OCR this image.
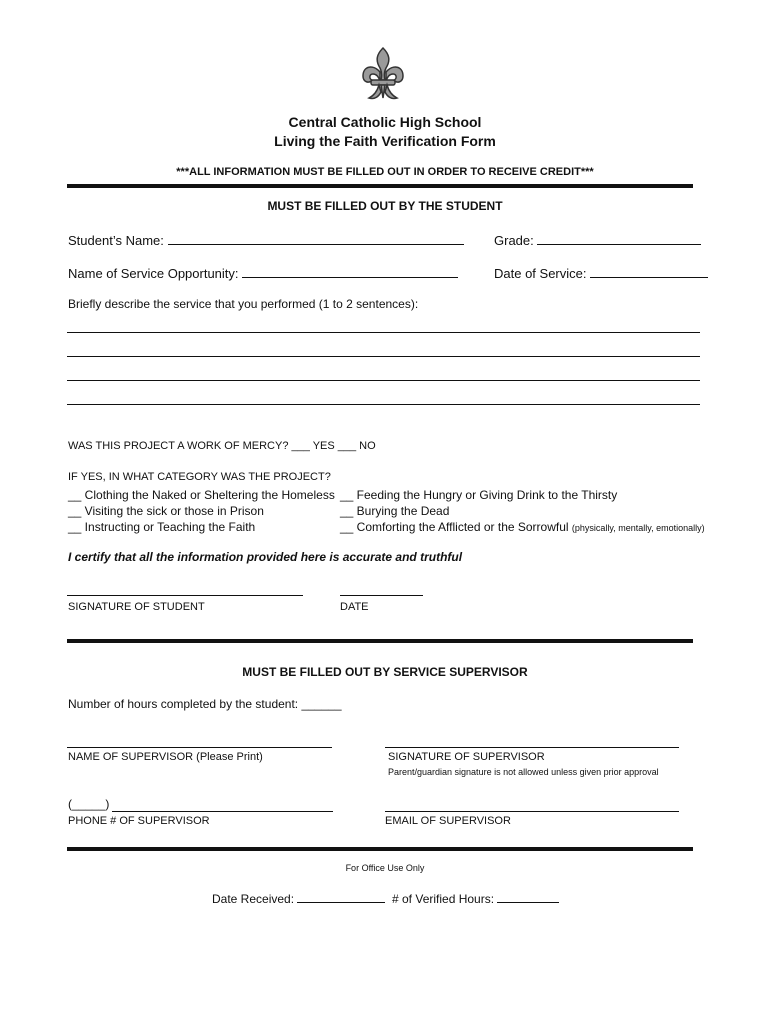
Central Catholic High School
Living the Faith Verification Form
***ALL INFORMATION MUST BE FILLED OUT IN ORDER TO RECEIVE CREDIT***
MUST BE FILLED OUT BY THE STUDENT
Student’s Name:	Grade:
Name of Service Opportunity:	Date of Service:
Briefly describe the service that you performed (1 to 2 sentences):
WAS THIS PROJECT A WORK OF MERCY? ___ YES ___ NO
IF YES, IN WHAT CATEGORY WAS THE PROJECT?
__ Clothing the Naked or Sheltering the Homeless
__ Visiting the sick or those in Prison
__ Instructing or Teaching the Faith
__ Feeding the Hungry or Giving Drink to the Thirsty
__ Burying the Dead
__ Comforting the Afflicted or the Sorrowful (physically, mentally, emotionally)
I certify that all the information provided here is accurate and truthful
SIGNATURE OF STUDENT	DATE
MUST BE FILLED OUT BY SERVICE SUPERVISOR
Number of hours completed by the student: ______
NAME OF SUPERVISOR (Please Print)	SIGNATURE OF SUPERVISOR
Parent/guardian signature is not allowed unless given prior approval
(_____)
PHONE # OF SUPERVISOR	EMAIL OF SUPERVISOR
For Office Use Only
Date Received:	# of Verified Hours:
